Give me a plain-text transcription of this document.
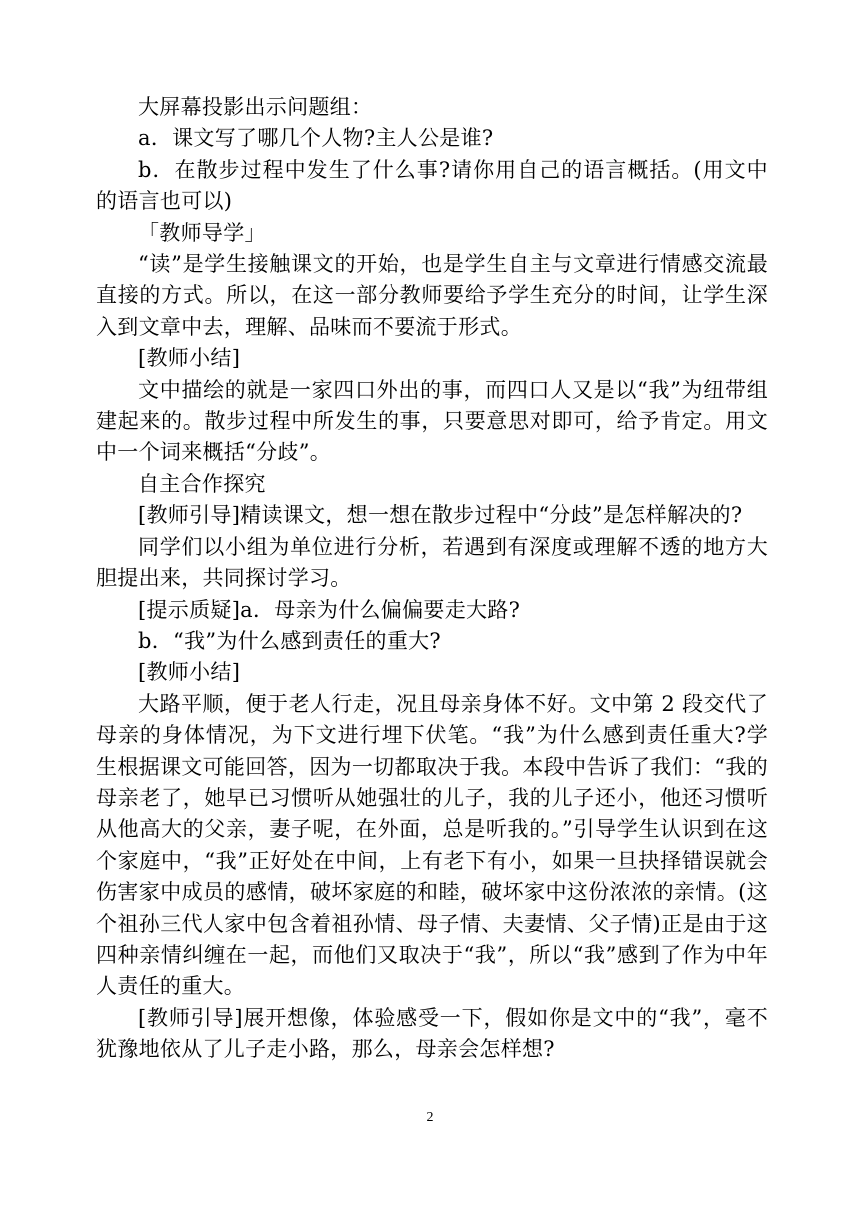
大屏幕投影出示问题组：

a．课文写了哪几个人物?主人公是谁?

b．在散步过程中发生了什么事?请你用自己的语言概括。(用文中的语言也可以)

「教师导学」

“读”是学生接触课文的开始，也是学生自主与文章进行情感交流最直接的方式。所以，在这一部分教师要给予学生充分的时间，让学生深入到文章中去，理解、品味而不要流于形式。

[教师小结]

文中描绘的就是一家四口外出的事，而四口人又是以“我”为纽带组建起来的。散步过程中所发生的事，只要意思对即可，给予肯定。用文中一个词来概括“分歧”。

自主合作探究

[教师引导]精读课文，想一想在散步过程中“分歧”是怎样解决的?

同学们以小组为单位进行分析，若遇到有深度或理解不透的地方大胆提出来，共同探讨学习。

[提示质疑]a．母亲为什么偏偏要走大路?

b．“我”为什么感到责任的重大?

[教师小结]

大路平顺，便于老人行走，况且母亲身体不好。文中第 2 段交代了母亲的身体情况，为下文进行埋下伏笔。“我”为什么感到责任重大?学生根据课文可能回答，因为一切都取决于我。本段中告诉了我们：“我的母亲老了，她早已习惯听从她强壮的儿子，我的儿子还小，他还习惯听从他高大的父亲，妻子呢，在外面，总是听我的。”引导学生认识到在这个家庭中，“我”正好处在中间，上有老下有小，如果一旦抉择错误就会伤害家中成员的感情，破坏家庭的和睦，破坏家中这份浓浓的亲情。(这个祖孙三代人家中包含着祖孙情、母子情、夫妻情、父子情)正是由于这四种亲情纠缠在一起，而他们又取决于“我”，所以“我”感到了作为中年人责任的重大。

[教师引导]展开想像，体验感受一下，假如你是文中的“我”，毫不犹豫地依从了儿子走小路，那么，母亲会怎样想?

2
